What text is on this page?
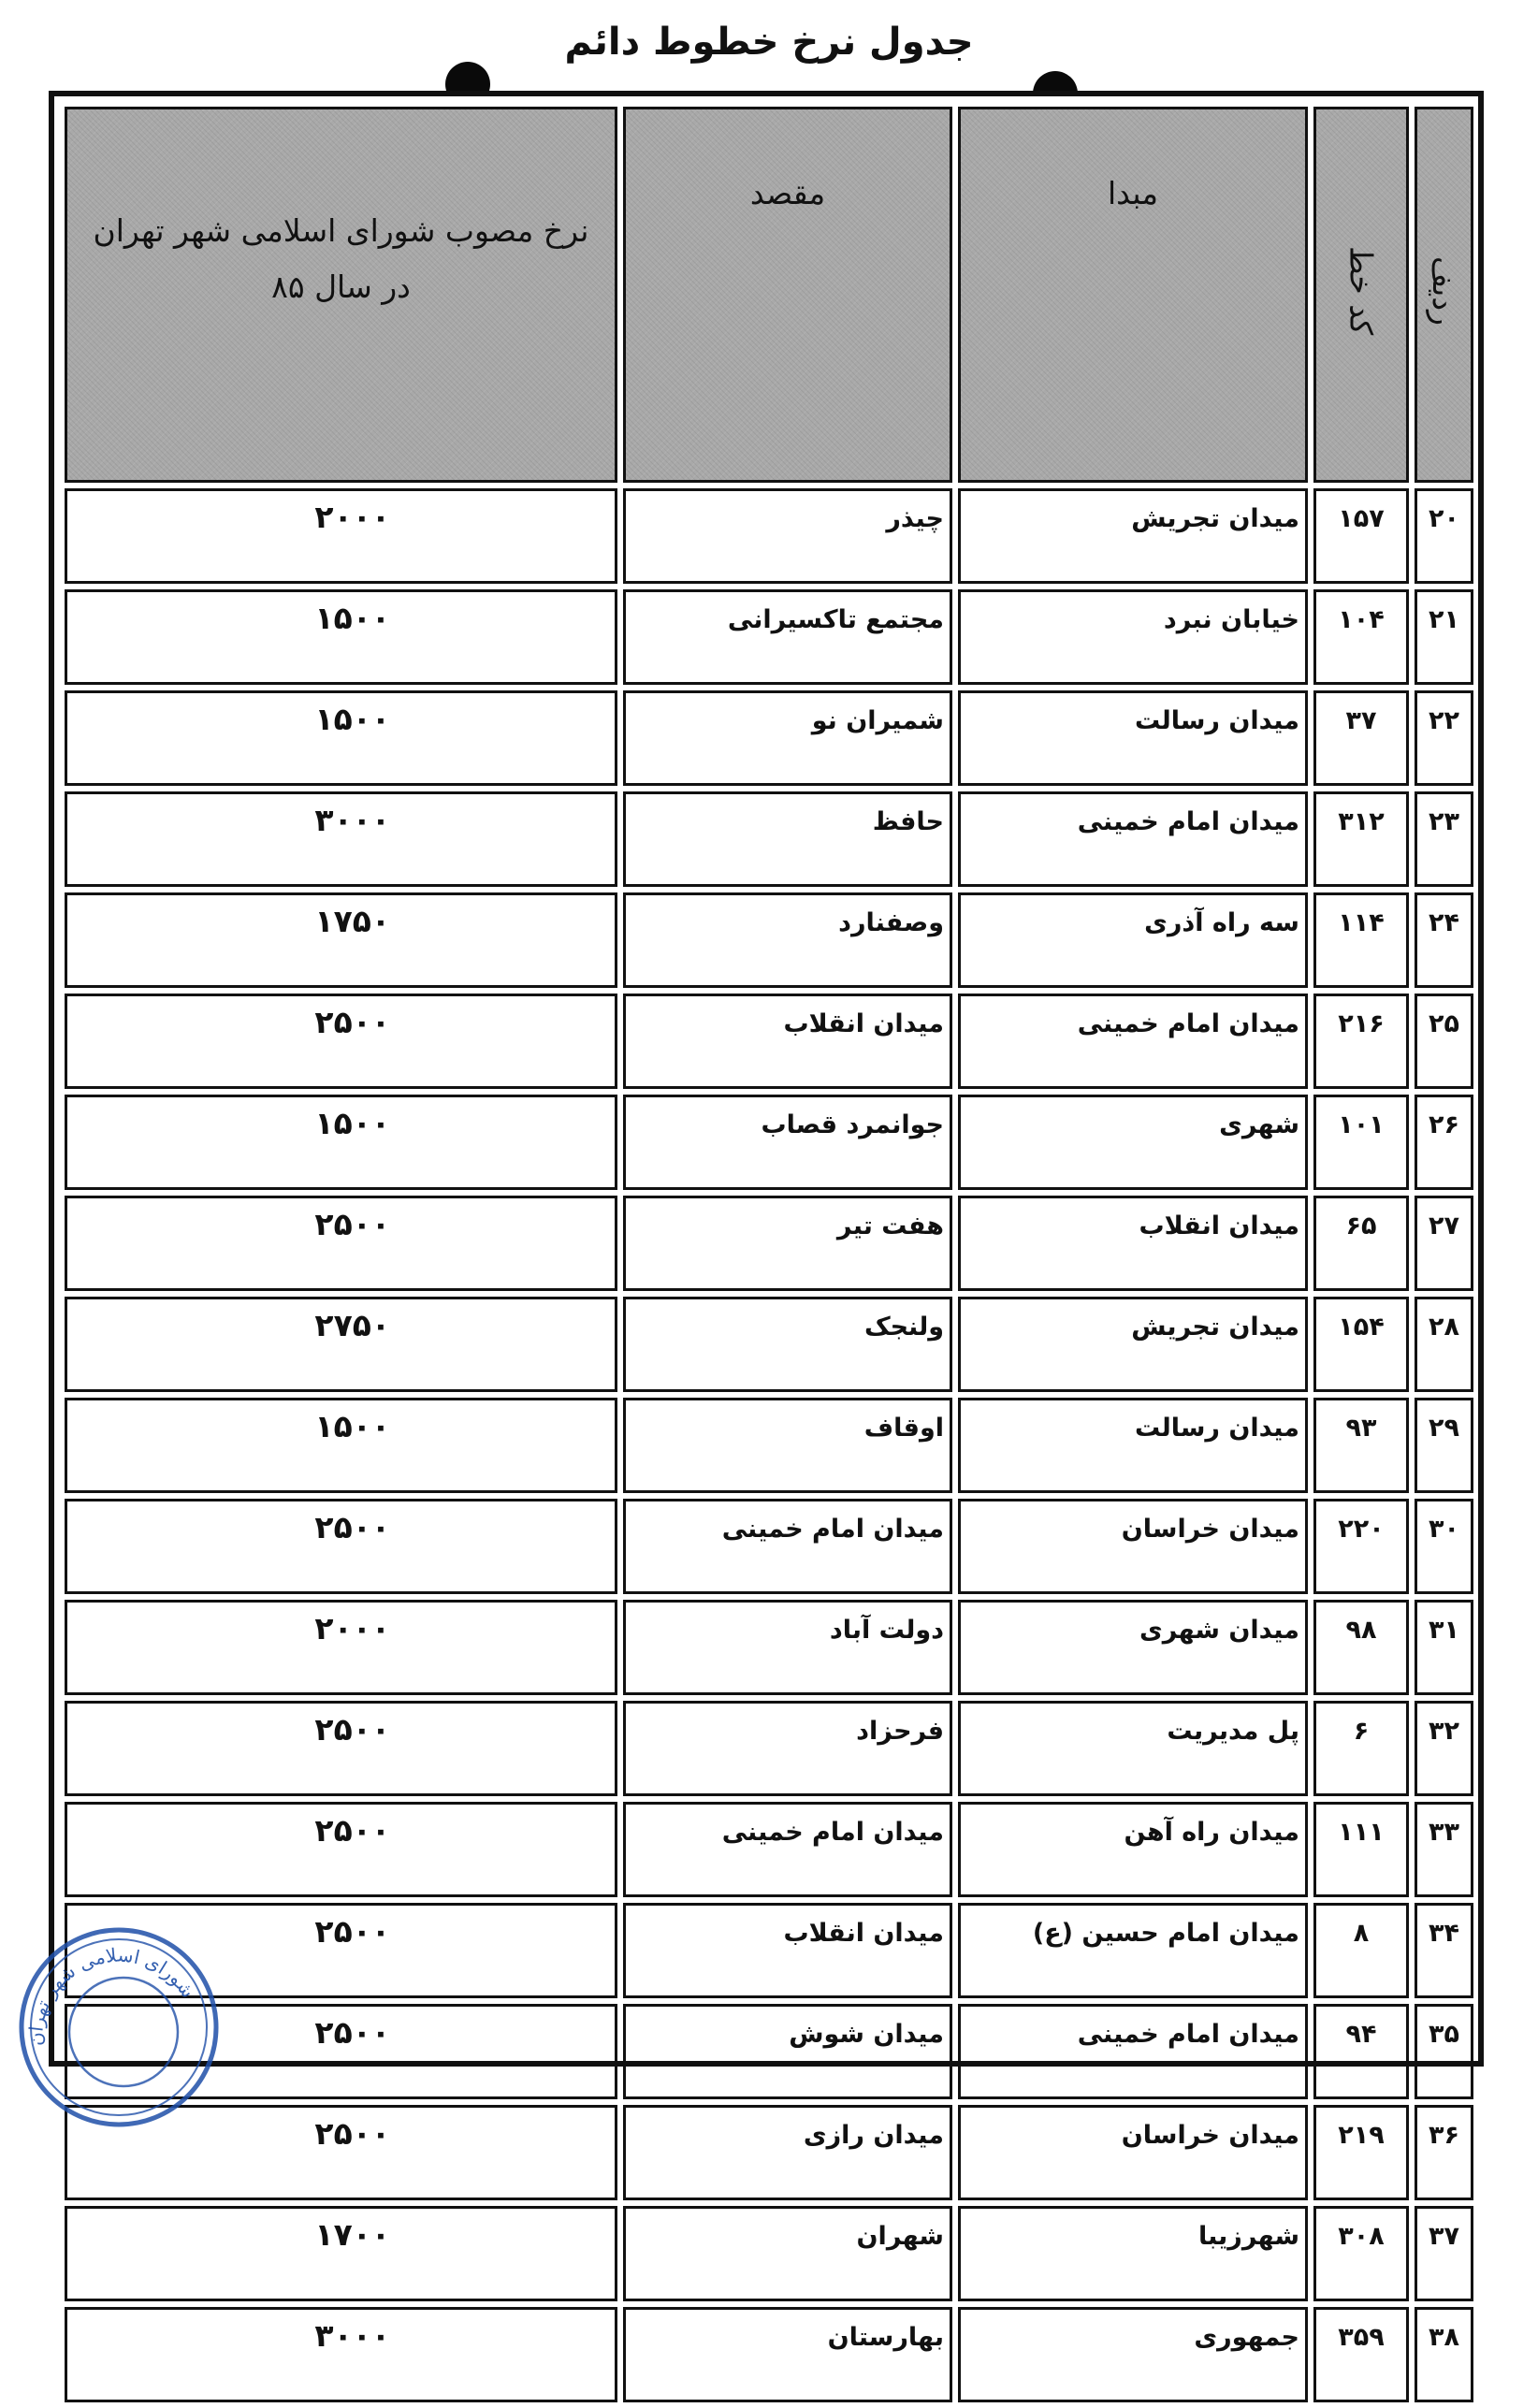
جدول نرخ خطوط دائم
ردیف	کد خط	مبدا	مقصد	نرخ مصوب شورای اسلامی شهر تهران
در سال ۸۵

۲۰	۱۵۷	میدان تجریش	چیذر	۲۰۰۰
۲۱	۱۰۴	خیابان نبرد	مجتمع تاکسیرانی	۱۵۰۰
۲۲	۳۷	میدان رسالت	شمیران نو	۱۵۰۰
۲۳	۳۱۲	میدان امام خمینی	حافظ	۳۰۰۰
۲۴	۱۱۴	سه راه آذری	وصفنارد	۱۷۵۰
۲۵	۲۱۶	میدان امام خمینی	میدان انقلاب	۲۵۰۰
۲۶	۱۰۱	شهری	جوانمرد قصاب	۱۵۰۰
۲۷	۶۵	میدان انقلاب	هفت تیر	۲۵۰۰
۲۸	۱۵۴	میدان تجریش	ولنجک	۲۷۵۰
۲۹	۹۳	میدان رسالت	اوقاف	۱۵۰۰
۳۰	۲۲۰	میدان خراسان	میدان امام خمینی	۲۵۰۰
۳۱	۹۸	میدان شهری	دولت آباد	۲۰۰۰
۳۲	۶	پل مدیریت	فرحزاد	۲۵۰۰
۳۳	۱۱۱	میدان راه آهن	میدان امام خمینی	۲۵۰۰
۳۴	۸	میدان امام حسین (ع)	میدان انقلاب	۲۵۰۰
۳۵	۹۴	میدان امام خمینی	میدان شوش	۲۵۰۰
۳۶	۲۱۹	میدان خراسان	میدان رازی	۲۵۰۰
۳۷	۳۰۸	شهرزیبا	شهران	۱۷۰۰
۳۸	۳۵۹	جمهوری	بهارستان	۳۰۰۰
شورای اسلامی شهر تهران
